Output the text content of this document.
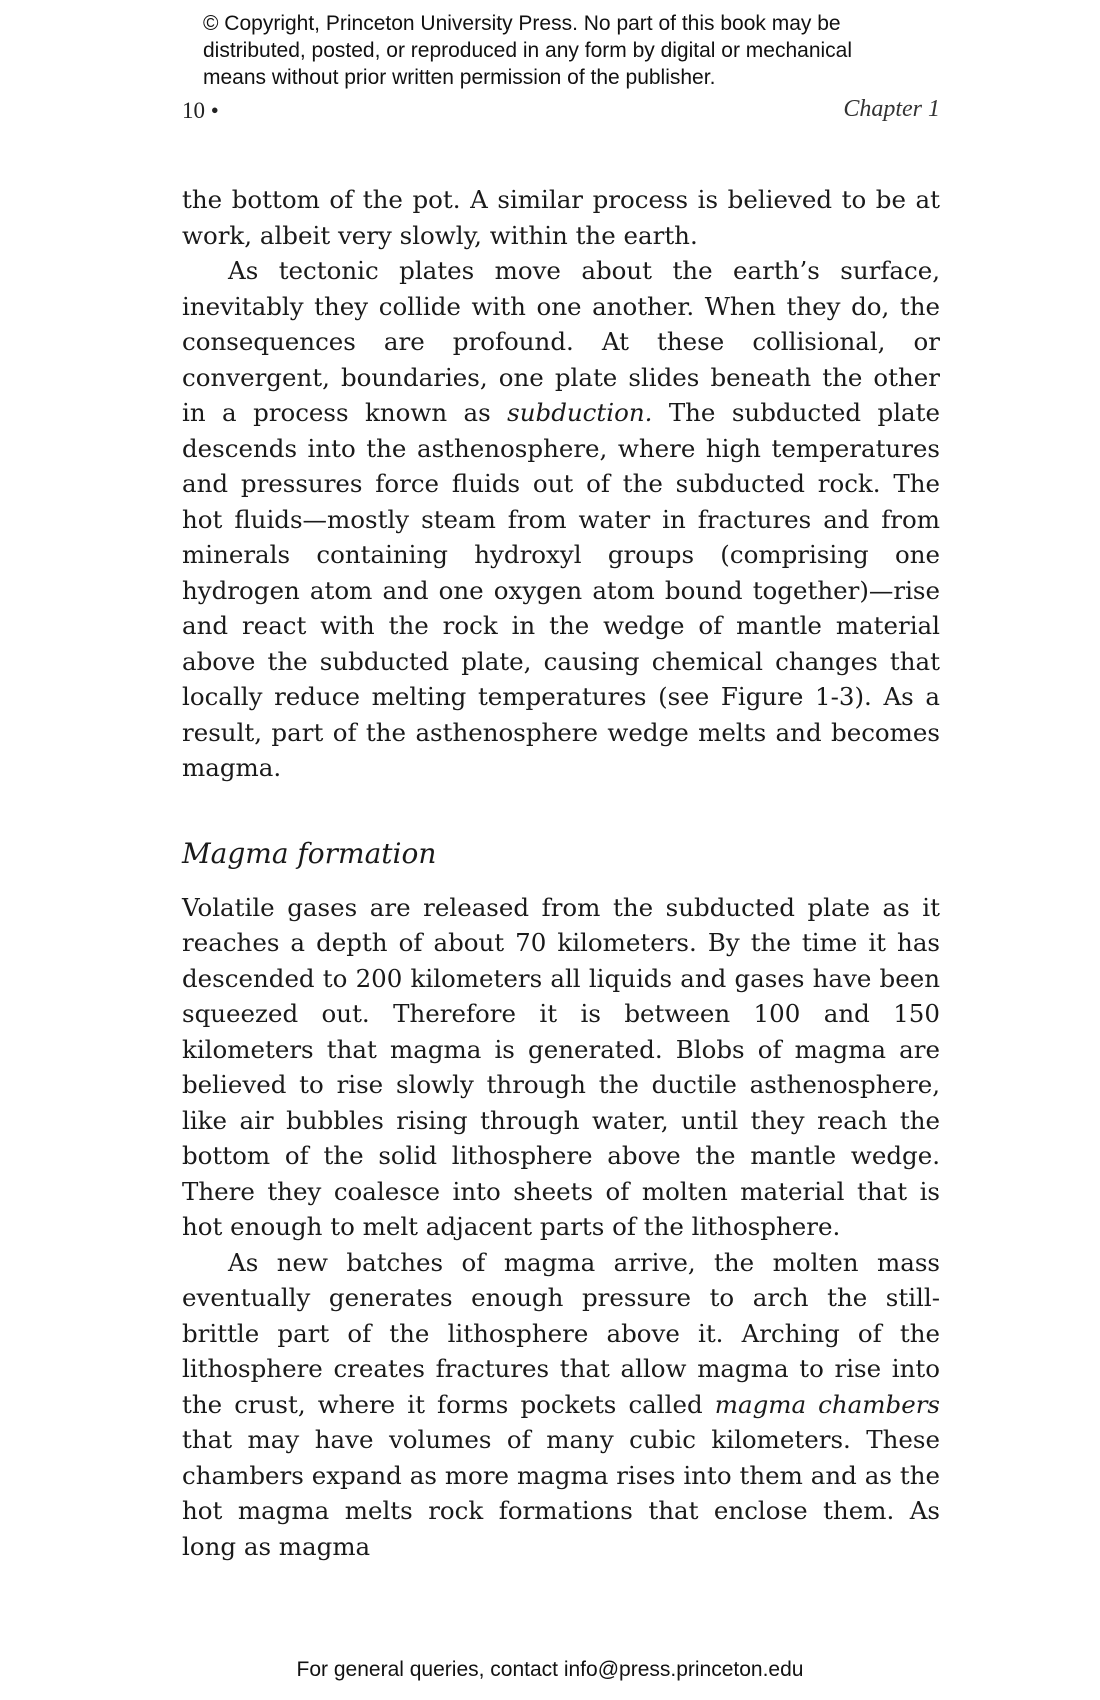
© Copyright, Princeton University Press. No part of this book may be
distributed, posted, or reproduced in any form by digital or mechanical
means without prior written permission of the publisher.
10 •	Chapter 1

the bottom of the pot. A similar process is believed to be at work, albeit very slowly, within the earth.

As tectonic plates move about the earth’s surface, inevitably they collide with one another. When they do, the consequences are profound. At these collisional, or convergent, boundaries, one plate slides beneath the other in a process known as subduction. The subducted plate descends into the asthenosphere, where high temperatures and pressures force fluids out of the subducted rock. The hot fluids—mostly steam from water in fractures and from minerals containing hydroxyl groups (comprising one hydrogen atom and one oxygen atom bound together)—rise and react with the rock in the wedge of mantle material above the subducted plate, causing chemical changes that locally reduce melting temperatures (see Figure 1-3). As a result, part of the asthenosphere wedge melts and becomes magma.

Magma formation

Volatile gases are released from the subducted plate as it reaches a depth of about 70 kilometers. By the time it has descended to 200 kilometers all liquids and gases have been squeezed out. Therefore it is between 100 and 150 kilometers that magma is generated. Blobs of magma are believed to rise slowly through the ductile asthenosphere, like air bubbles rising through water, until they reach the bottom of the solid lithosphere above the mantle wedge. There they coalesce into sheets of molten material that is hot enough to melt adjacent parts of the lithosphere.

As new batches of magma arrive, the molten mass eventually generates enough pressure to arch the still-brittle part of the lithosphere above it. Arching of the lithosphere creates fractures that allow magma to rise into the crust, where it forms pockets called magma chambers that may have volumes of many cubic kilometers. These chambers expand as more magma rises into them and as the hot magma melts rock formations that enclose them. As long as magma

For general queries, contact info@press.princeton.edu
